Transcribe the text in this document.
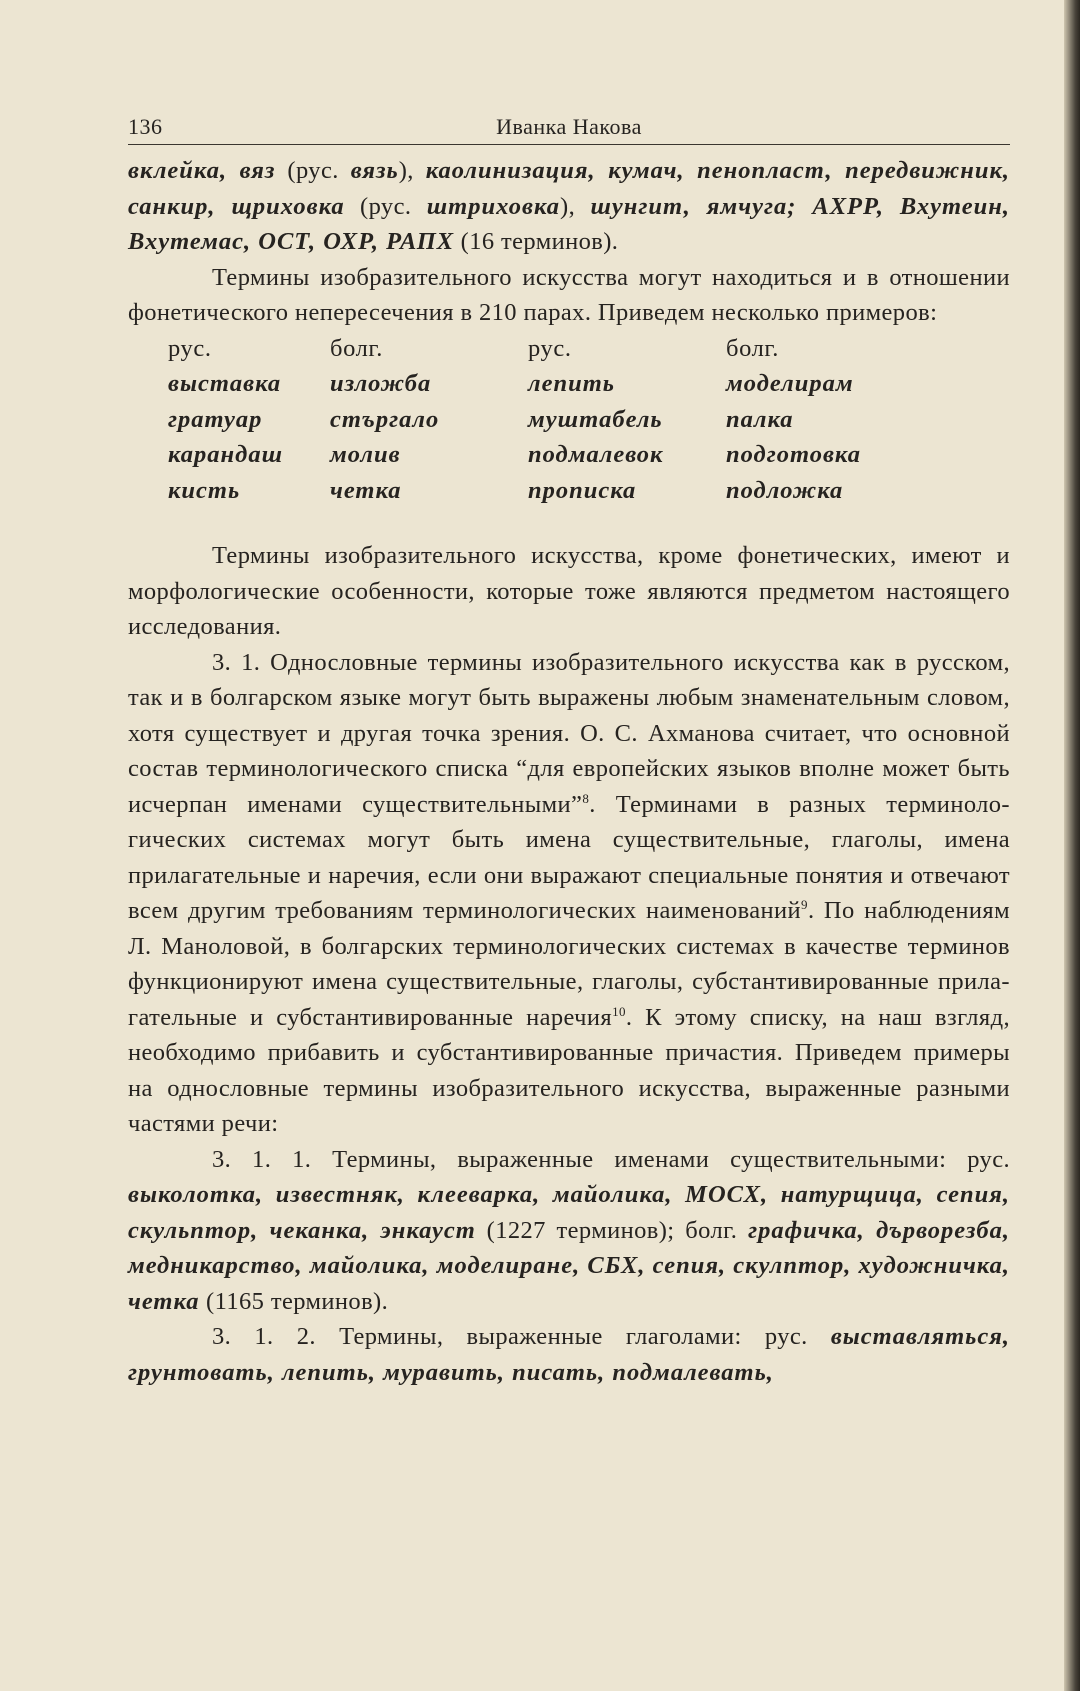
136	Иванка Накова

вклейка, вяз (рус. вязь), каолинизация, кумач, пенопласт, передвижник, санкир, щриховка (рус. штриховка), шунгит, ямчуга; АХРР, Вхутеин, Вхутемас, ОСТ, ОХР, РАПХ (16 терминов).

Термины изобразительного искусства могут находиться и в отношении фонетического непересечения в 210 парах. Приведем несколько примеров:

рус.	болг.	рус.	болг.
выставка	изложба	лепить	моделирам
гратуар	стъргало	муштабель	палка
карандаш	молив	подмалевок	подготовка
кисть	четка	прописка	подложка

Термины изобразительного искусства, кроме фонетических, имеют и морфологические особенности, которые тоже являются предметом настоящего исследования.

3. 1. Однословные термины изобразительного искусства как в русском, так и в болгарском языке могут быть выражены любым знаменательным словом, хотя существует и другая точка зрения. О. С. Ахманова считает, что основной состав терминологического списка “для европейских языков вполне может быть исчерпан именами существительными”$^8$. Терминами в разных терминоло-гических системах могут быть имена существительные, глаголы, имена прилагательные и наречия, если они выражают специальные понятия и отвечают всем другим требованиям терминологических наименований$^9$. По наблюдениям Л. Маноловой, в болгарских терминологических системах в качестве терминов функционируют имена существительные, глаголы, субстантивированные прила-гательные и субстантивированные наречия$^{10}$. К этому списку, на наш взгляд, необходимо прибавить и субстантивированные причастия. Приведем примеры на однословные термины изобразительного искусства, выраженные разными частями речи:

3. 1. 1. Термины, выраженные именами существительными: рус. выколотка, известняк, клееварка, майолика, МОСХ, натурщица, сепия, скульптор, чеканка, энкауст (1227 терминов); болг. графичка, дърворезба, медникарство, майолика, моделиране, СБХ, сепия, скулптор, художничка, четка (1165 терминов).

3. 1. 2. Термины, выраженные глаголами: рус. выставляться, грунтовать, лепить, муравить, писать, подмалевать,
